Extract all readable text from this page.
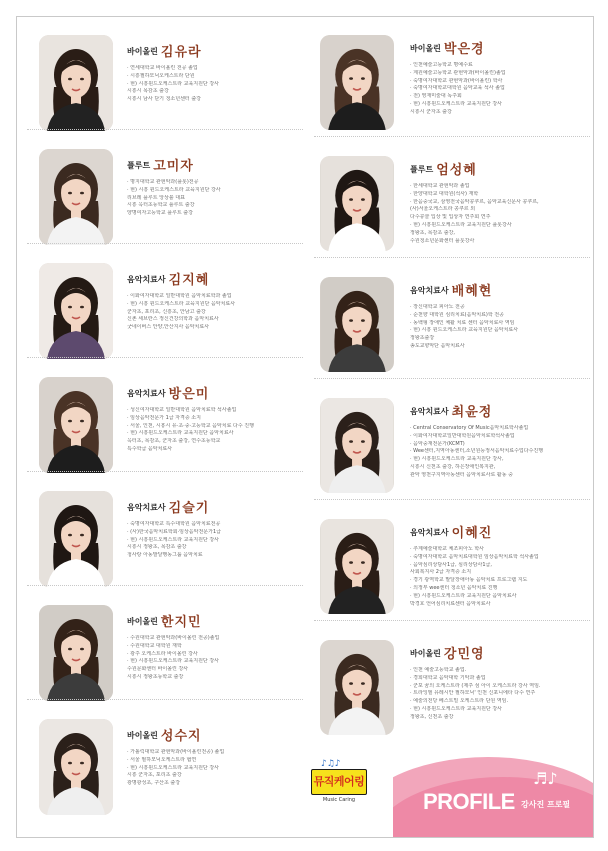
바이올린 김유라
· 연세대학교 바이올린 전공 졸업
· 시흥필하모닉오케스트라 단원
· 현) 시흥윈드오케스트라 교육지원단 강사
시흥시 목감초 출강
시흥시 남사 단기 청소년센터 출강
플루트 고미자
· 명지대학교 관현악과(플롯)전공
· 현) 시흥 윈드오케스트라 교육지원단 강사
리브레 플루트 앙상블 대표
시흥 옥터초등학교 플루트 출강
양명여자고등학교 플루트 출강
음악치료사 김지혜
· 이화여자대학교 일반대학원 음악치료학과 졸업
· 현) 시흥 윈드오케스트라 교육지원단 음악치료사
군자초, 포리초, 신흥초, 안남고 출강
신촌 세브란스 정신건강의학과 음악치료사
굿네이버스 안양,안산지사 음악치료사
음악치료사 방은미
· 성신여자대학교 일반대학원 음악치료학 석사졸업
· 임상음악전문가 1급 자격증 소지
· 서울, 인천, 시흥시 유·초·중·고등학교 음악치료 다수 진행
· 현) 시흥윈드오케스트라 교육지원단 음악치료사
옥터초, 목감초, 군자초 출강, 연수초등학교
특수학급 음악치료사
음악치료사 김슬기
· 숙명여자대학교 특수대학원 음악치료전공
· (사)한국음악치료학회·임상음악전문가1급
· 현) 시흥윈드오케스트라 교육지원단 강사
시흥시 정왕초, 목감초 출강
청사랑 아동발달행동그룹 음악치료
바이올린 한지민
· 수원대학교 관현악과(바이올린 전공)졸업
· 수원대학교 대학원 재학
· 광주 오케스트라 바이올린 강사
· 현) 시흥윈드오케스트라 교육지원단 강사
수원문화센터 바이올린 강사
시흥시 정왕초등학교 출강
바이올린 성수지
· 가톨릭대학교 관현악과(바이올린전공) 졸업
· 서울 필하모닉오케스트라 협연
· 현) 시흥윈드오케스트라 교육지원단 강사
시흥 군자초, 포리초 출강
광명광성초, 구산초 출강
바이올린 박은경
· 인천예술고등학교 명예수료
· 계원예술고등학교 관현악과(바이올린)졸업
· 숙명여자대학교 관현악과(바이올린) 학사
· 숙명여자대학교대학원 음악교육 석사 졸업
· 전) 영재미술대 독주회
· 현) 시흥윈드오케스트라 교육지원단 강사
시흥시 군자초 출강
플루트 엄성혜
· 한세대학교 관현악과 졸업
· 한양대학교 대학원(석사) 재학
· 한음중국교, 삼영전국음악콩쿠르, 음악교육신문사 콩쿠르,
(사)서울오케스트라 콩쿠르 외
다수콩쿨 입상 및 입상자 연주회 연주
· 현) 시흥윈드오케스트라 교육지원단 플롯강사
정왕초, 목감초 출강,
수원청소년문화센터 플룻강사
음악치료사 배혜현
· 장신대학교 피아노 전공
· 순천향 대학원 심리치료(음악치료)학 전공
· 동백형 장애인 체활 치료 센터 음악치료사 역임
· 현) 시흥 윈드오케스트라 교육지원단 음악치료사
정왕초출강
송도교향악단 음악치료사
음악치료사 최윤정
· Central Conservatory Of Music음악치료학사졸업
· 이화여자대학교일반대학원음악치료학석사졸업
· 음악중재전문가(KCMT)
· Wee센터,지역아동센터,소년원등정서음악치료수업다수진행
· 현) 시흥윈드오케스트라 교육지원단 강사,
시흥시 신천초 출강, 하은장애인복지관,
관악 영천구지역아동센터 음악치료사로 활동 중
음악치료사 이혜진
· 추계예술대학교 체조피아노 학사
· 숙명여자대학교 음악치료대학원 임상음악치료학 석사졸업
· 음악심리상담사1급, 심리상담사1급,
사회복지사 2급 자격증 소지
· 경기 광역학교 발달장애아동 음악치료 프로그램 지도
· 의정부 wee센터 청소년 음악치료 진행
· 현) 시흥윈드오케스트라 교육지원단 음악치료사
박경호 언어심리치료센터 음악치료사
바이올린 강민영
· 인천 예술고등학교 졸업.
· 경희대학교 음악대학 기악과 졸업
· 군포 꿈의 오케스트라 (제주 섬 아이 오케스트라 강사 역임.
· 트라잉필 유레시안 필하모닉' 인천 신포니에타 다수 연주
· 예술의전당 베스트빌 오케스트라 단원 역임.
· 현) 시흥윈드오케스트라 교육지원단 강사
정왕초, 신천초 출강
♪♫♪
뮤직케어링
Music Caring
♬♪
PROFILE 강사진 프로필
